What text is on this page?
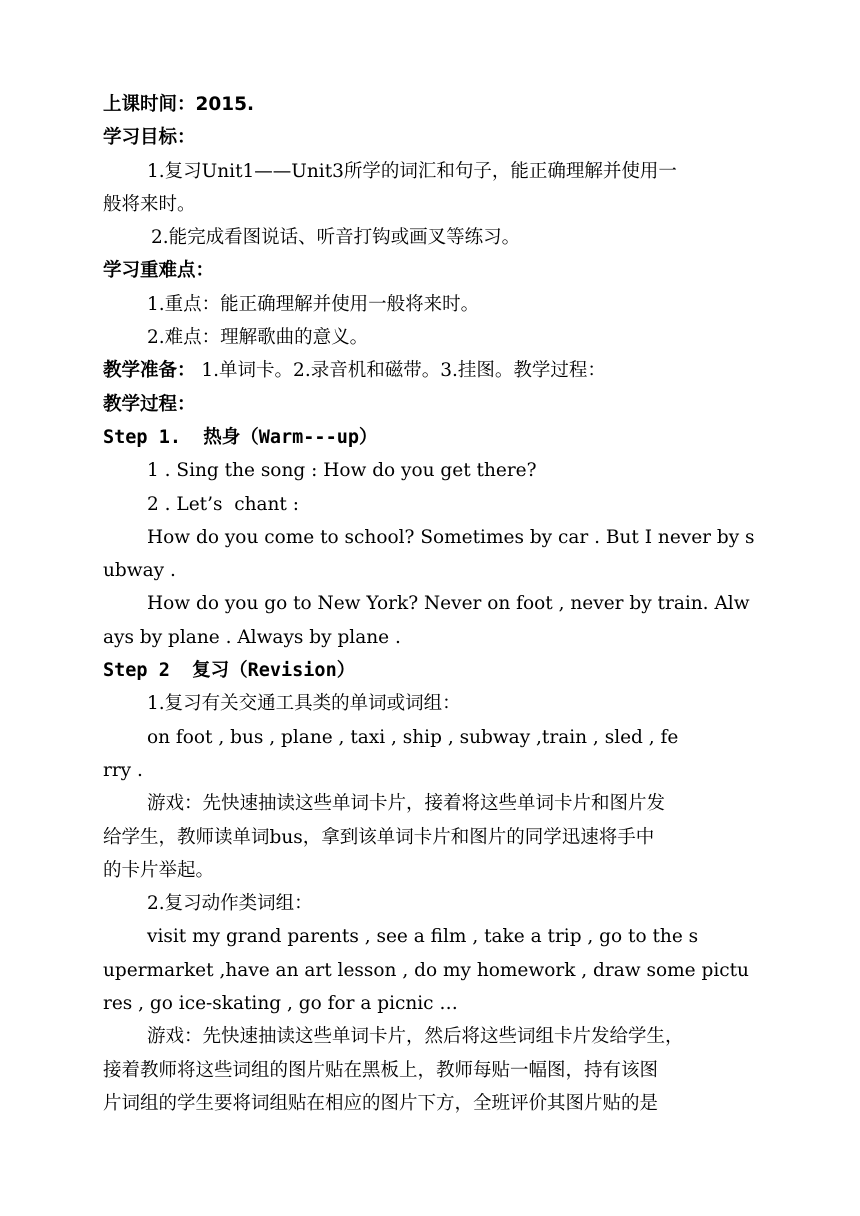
上课时间：2015.
学习目标：
1.复习Unit1——Unit3所学的词汇和句子，能正确理解并使用一
般将来时。
2.能完成看图说话、听音打钩或画叉等练习。
学习重难点：
1.重点：能正确理解并使用一般将来时。
2.难点：理解歌曲的意义。
教学准备： 1.单词卡。2.录音机和磁带。3.挂图。教学过程：
教学过程：
Step 1.  热身（Warm---up）
1 . Sing the song : How do you get there?
2 . Let’s  chant :
How do you come to school? Sometimes by car . But I never by s
ubway .
How do you go to New York? Never on foot , never by train. Alw
ays by plane . Always by plane .
Step 2  复习（Revision）
1.复习有关交通工具类的单词或词组：
on foot , bus , plane , taxi , ship , subway ,train , sled , fe
rry .
游戏：先快速抽读这些单词卡片，接着将这些单词卡片和图片发
给学生，教师读单词bus，拿到该单词卡片和图片的同学迅速将手中
的卡片举起。
2.复习动作类词组：
visit my grand parents , see a film , take a trip , go to the s
upermarket ,have an art lesson , do my homework , draw some pictu
res , go ice-skating , go for a picnic …
游戏：先快速抽读这些单词卡片，然后将这些词组卡片发给学生，
接着教师将这些词组的图片贴在黑板上，教师每贴一幅图，持有该图
片词组的学生要将词组贴在相应的图片下方，全班评价其图片贴的是
